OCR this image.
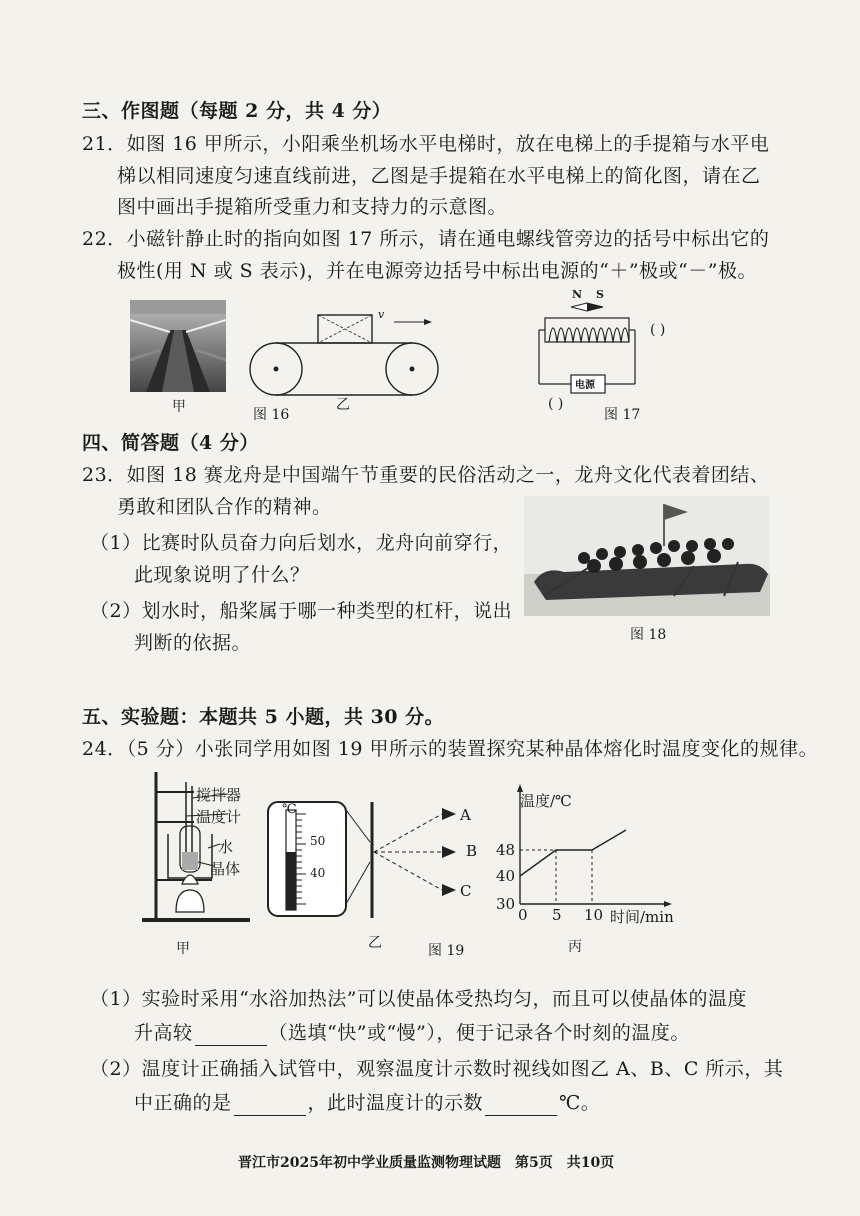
三、作图题（每题 2 分，共 4 分）
21．如图 16 甲所示，小阳乘坐机场水平电梯时，放在电梯上的手提箱与水平电
梯以相同速度匀速直线前进，乙图是手提箱在水平电梯上的简化图，请在乙
图中画出手提箱所受重力和支持力的示意图。
22．小磁针静止时的指向如图 17 所示，请在通电螺线管旁边的括号中标出它的
极性(用 N 或 S 表示)，并在电源旁边括号中标出电源的“＋”极或“－”极。
甲
v
图 16
乙
N S
电源
( )
( )
图 17
四、简答题（4 分）
23．如图 18 赛龙舟是中国端午节重要的民俗活动之一，龙舟文化代表着团结、
勇敢和团队合作的精神。
（1）比赛时队员奋力向后划水，龙舟向前穿行，
此现象说明了什么？
（2）划水时，船桨属于哪一种类型的杠杆，说出
判断的依据。	图 18
五、实验题：本题共 5 小题，共 30 分。
24．（5 分）小张同学用如图 19 甲所示的装置探究某种晶体熔化时温度变化的规律。
搅拌器
温度计
水
晶体
甲
℃
50
40
A
B
C
乙	图 19
温度/℃
48
40
30
0 5 10 时间/min
丙
（1）实验时采用“水浴加热法”可以使晶体受热均匀，而且可以使晶体的温度
升高较	（选填“快”或“慢”），便于记录各个时刻的温度。
（2）温度计正确插入试管中，观察温度计示数时视线如图乙 A、B、C 所示，其
中正确的是	，此时温度计的示数	℃。
晋江市2025年初中学业质量监测物理试题　第5页　共10页
